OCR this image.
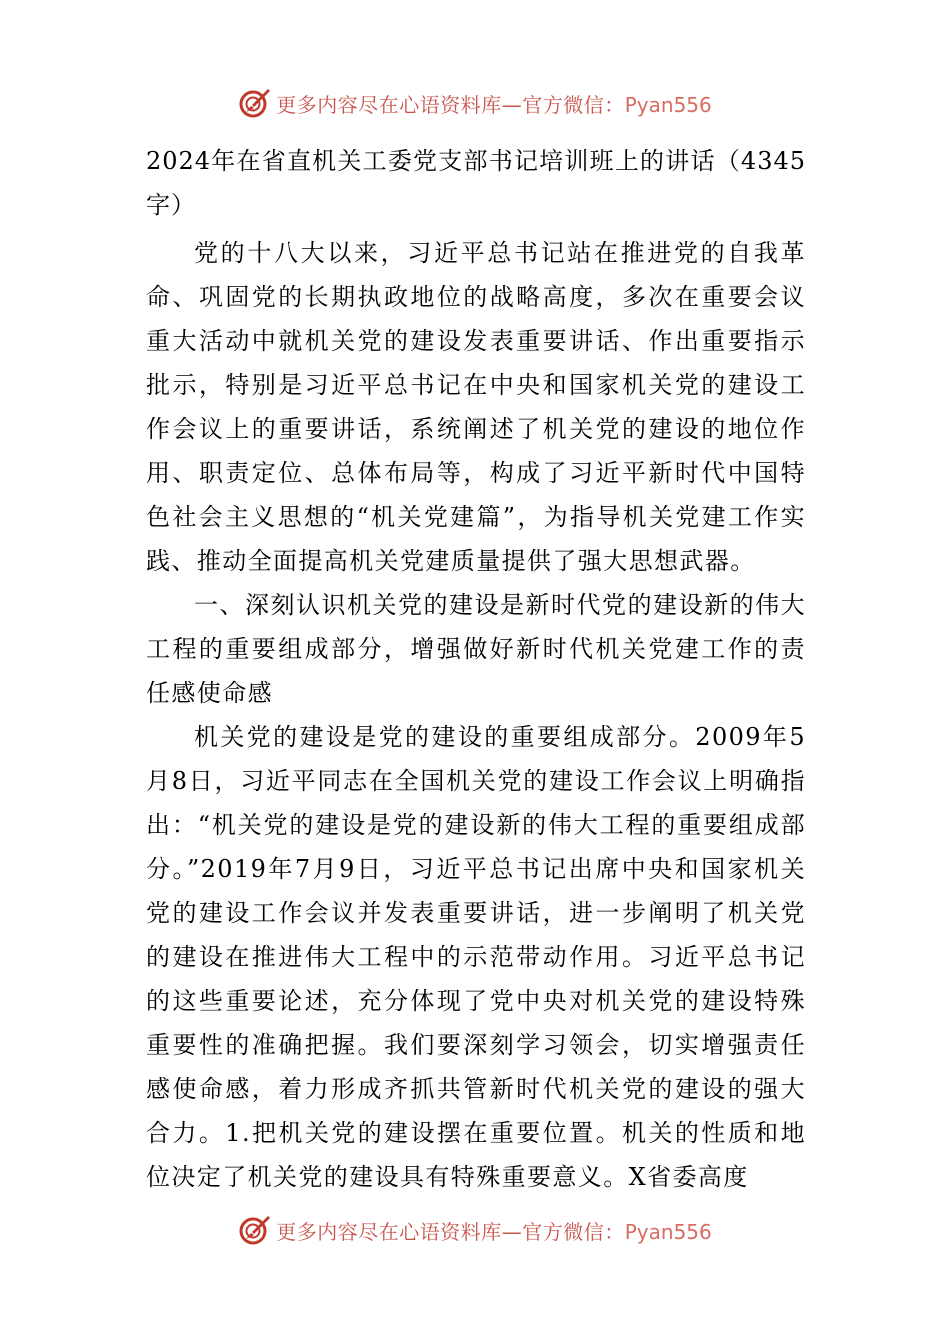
更多内容尽在心语资料库—官方微信：Pyan556

2024年在省直机关工委党支部书记培训班上的讲话（4345字）

党的十八大以来，习近平总书记站在推进党的自我革命、巩固党的长期执政地位的战略高度，多次在重要会议重大活动中就机关党的建设发表重要讲话、作出重要指示批示，特别是习近平总书记在中央和国家机关党的建设工作会议上的重要讲话，系统阐述了机关党的建设的地位作用、职责定位、总体布局等，构成了习近平新时代中国特色社会主义思想的“机关党建篇”，为指导机关党建工作实践、推动全面提高机关党建质量提供了强大思想武器。

一、深刻认识机关党的建设是新时代党的建设新的伟大工程的重要组成部分，增强做好新时代机关党建工作的责任感使命感

机关党的建设是党的建设的重要组成部分。2009年5月8日，习近平同志在全国机关党的建设工作会议上明确指出：“机关党的建设是党的建设新的伟大工程的重要组成部分。”2019年7月9日，习近平总书记出席中央和国家机关党的建设工作会议并发表重要讲话，进一步阐明了机关党的建设在推进伟大工程中的示范带动作用。习近平总书记的这些重要论述，充分体现了党中央对机关党的建设特殊重要性的准确把握。我们要深刻学习领会，切实增强责任感使命感，着力形成齐抓共管新时代机关党的建设的强大合力。1.把机关党的建设摆在重要位置。机关的性质和地位决定了机关党的建设具有特殊重要意义。X省委高度

更多内容尽在心语资料库—官方微信：Pyan556
